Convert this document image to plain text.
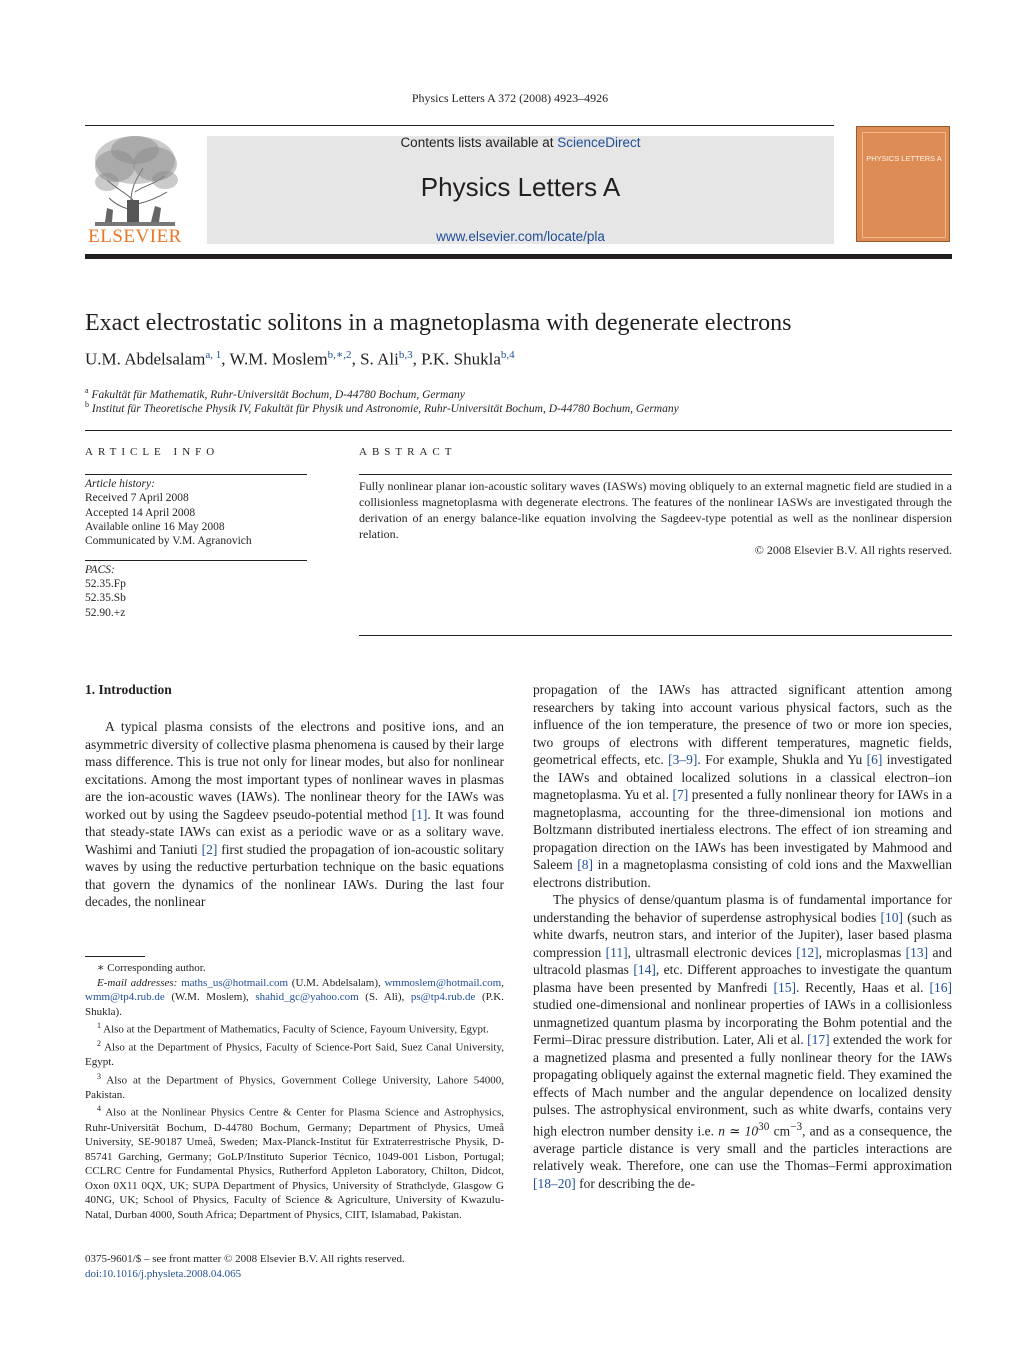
Physics Letters A 372 (2008) 4923–4926
ELSEVIER
Contents lists available at ScienceDirect
Physics Letters A
www.elsevier.com/locate/pla
PHYSICS LETTERS A
Exact electrostatic solitons in a magnetoplasma with degenerate electrons
U.M. Abdelsalam$^{a, 1}$, W.M. Moslem$^{b,∗,2}$, S. Ali$^{b,3}$, P.K. Shukla$^{b,4}$
$^a$ Fakultät für Mathematik, Ruhr-Universität Bochum, D-44780 Bochum, Germany
$^b$ Institut für Theoretische Physik IV, Fakultät für Physik und Astronomie, Ruhr-Universität Bochum, D-44780 Bochum, Germany
ARTICLE INFO
Article history:
Received 7 April 2008
Accepted 14 April 2008
Available online 16 May 2008
Communicated by V.M. Agranovich
PACS:
52.35.Fp
52.35.Sb
52.90.+z
ABSTRACT
Fully nonlinear planar ion-acoustic solitary waves (IASWs) moving obliquely to an external magnetic field are studied in a collisionless magnetoplasma with degenerate electrons. The features of the nonlinear IASWs are investigated through the derivation of an energy balance-like equation involving the Sagdeev-type potential as well as the nonlinear dispersion relation.
© 2008 Elsevier B.V. All rights reserved.
1. Introduction

A typical plasma consists of the electrons and positive ions, and an asymmetric diversity of collective plasma phenomena is caused by their large mass difference. This is true not only for linear modes, but also for nonlinear excitations. Among the most important types of nonlinear waves in plasmas are the ion-acoustic waves (IAWs). The nonlinear theory for the IAWs was worked out by using the Sagdeev pseudo-potential method [1]. It was found that steady-state IAWs can exist as a periodic wave or as a solitary wave. Washimi and Taniuti [2] first studied the propagation of ion-acoustic solitary waves by using the reductive perturbation technique on the basic equations that govern the dynamics of the nonlinear IAWs. During the last four decades, the nonlinear

propagation of the IAWs has attracted significant attention among researchers by taking into account various physical factors, such as the influence of the ion temperature, the presence of two or more ion species, two groups of electrons with different temperatures, magnetic fields, geometrical effects, etc. [3–9]. For example, Shukla and Yu [6] investigated the IAWs and obtained localized solutions in a classical electron–ion magnetoplasma. Yu et al. [7] presented a fully nonlinear theory for IAWs in a magnetoplasma, accounting for the three-dimensional ion motions and Boltzmann distributed inertialess electrons. The effect of ion streaming and propagation direction on the IAWs has been investigated by Mahmood and Saleem [8] in a magnetoplasma consisting of cold ions and the Maxwellian electrons distribution.

The physics of dense/quantum plasma is of fundamental importance for understanding the behavior of superdense astrophysical bodies [10] (such as white dwarfs, neutron stars, and interior of the Jupiter), laser based plasma compression [11], ultrasmall electronic devices [12], microplasmas [13] and ultracold plasmas [14], etc. Different approaches to investigate the quantum plasma have been presented by Manfredi [15]. Recently, Haas et al. [16] studied one-dimensional and nonlinear properties of IAWs in a collisionless unmagnetized quantum plasma by incorporating the Bohm potential and the Fermi–Dirac pressure distribution. Later, Ali et al. [17] extended the work for a magnetized plasma and presented a fully nonlinear theory for the IAWs propagating obliquely against the external magnetic field. They examined the effects of Mach number and the angular dependence on localized density pulses. The astrophysical environment, such as white dwarfs, contains very high electron number density i.e. n ≃ $10^{30}$ $cm^{-3}$, and as a consequence, the average particle distance is very small and the particles interactions are relatively weak. Therefore, one can use the Thomas–Fermi approximation [18–20] for describing the de-

∗ Corresponding author.

E-mail addresses: maths_us@hotmail.com (U.M. Abdelsalam), wmmoslem@hotmail.com, wmm@tp4.rub.de (W.M. Moslem), shahid_gc@yahoo.com (S. Ali), ps@tp4.rub.de (P.K. Shukla).

$^1$ Also at the Department of Mathematics, Faculty of Science, Fayoum University, Egypt.

$^2$ Also at the Department of Physics, Faculty of Science-Port Said, Suez Canal University, Egypt.

$^3$ Also at the Department of Physics, Government College University, Lahore 54000, Pakistan.

$^4$ Also at the Nonlinear Physics Centre & Center for Plasma Science and Astrophysics, Ruhr-Universität Bochum, D-44780 Bochum, Germany; Department of Physics, Umeå University, SE-90187 Umeå, Sweden; Max-Planck-Institut für Extraterrestrische Physik, D-85741 Garching, Germany; GoLP/Instituto Superior Técnico, 1049-001 Lisbon, Portugal; CCLRC Centre for Fundamental Physics, Rutherford Appleton Laboratory, Chilton, Didcot, Oxon 0X11 0QX, UK; SUPA Department of Physics, University of Strathclyde, Glasgow G 40NG, UK; School of Physics, Faculty of Science & Agriculture, University of Kwazulu-Natal, Durban 4000, South Africa; Department of Physics, CIIT, Islamabad, Pakistan.

0375-9601/$ – see front matter © 2008 Elsevier B.V. All rights reserved.
doi:10.1016/j.physleta.2008.04.065
